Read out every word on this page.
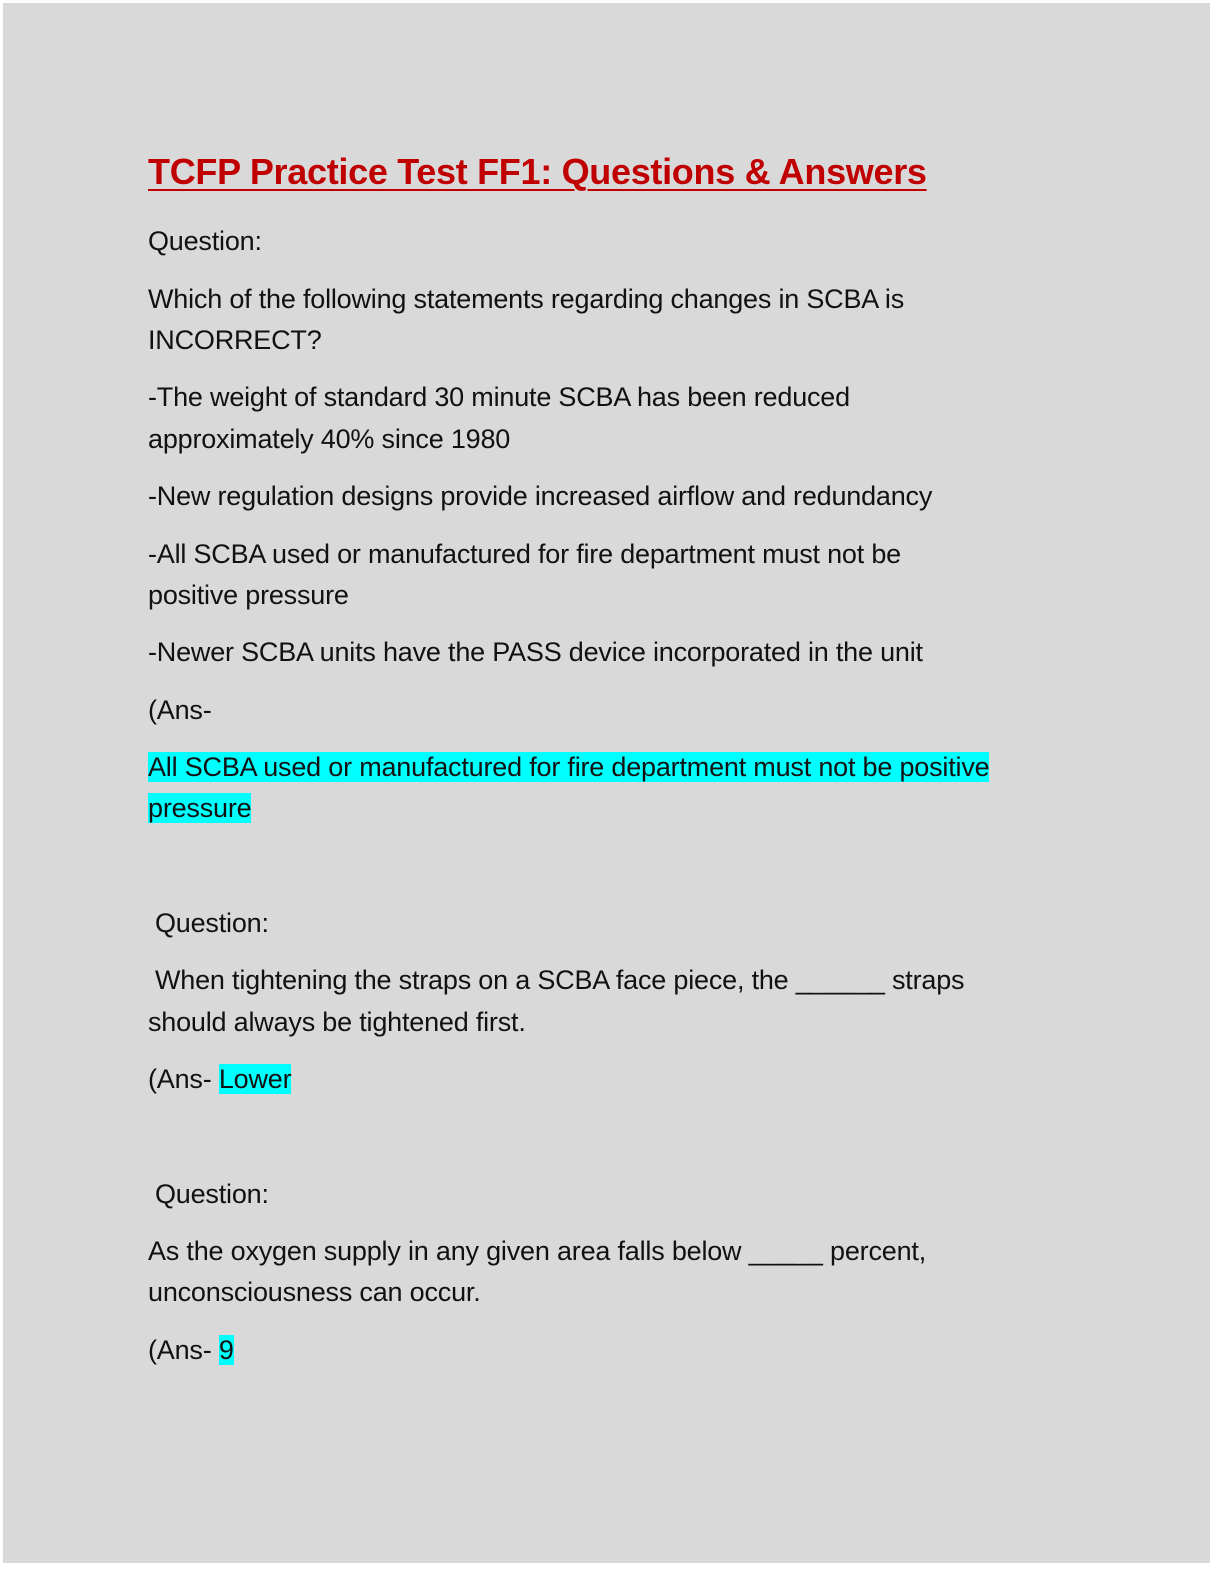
TCFP Practice Test FF1: Questions & Answers

Question:

Which of the following statements regarding changes in SCBA is

INCORRECT?

-The weight of standard 30 minute SCBA has been reduced

approximately 40% since 1980

-New regulation designs provide increased airflow and redundancy

-All SCBA used or manufactured for fire department must not be

positive pressure

-Newer SCBA units have the PASS device incorporated in the unit

(Ans-

All SCBA used or manufactured for fire department must not be positive

pressure

Question:

When tightening the straps on a SCBA face piece, the ______ straps

should always be tightened first.

(Ans- Lower

Question:

As the oxygen supply in any given area falls below _____ percent,

unconsciousness can occur.

(Ans- 9
